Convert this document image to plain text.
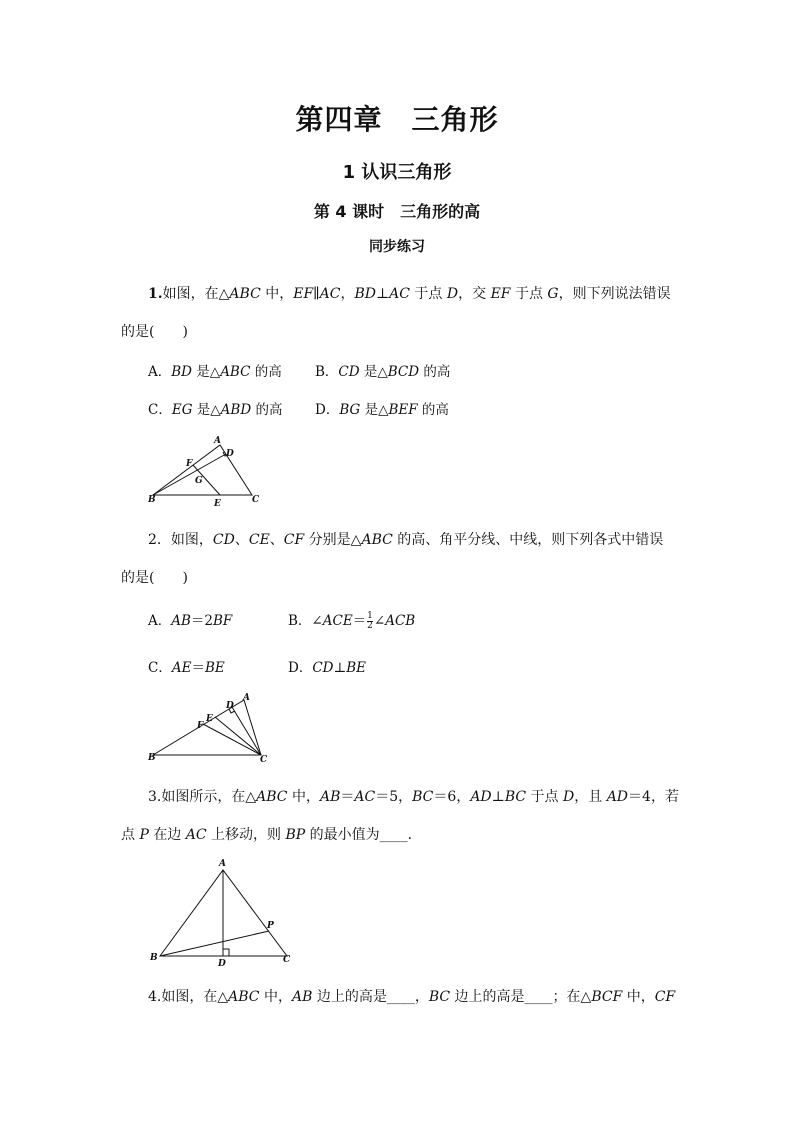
第四章　三角形
1 认识三角形
第 4 课时　三角形的高
同步练习
1.如图，在△ABC 中，EF∥AC，BD⊥AC 于点 D，交 EF 于点 G，则下列说法错误
的是(　　)
A．BD 是△ABC 的高 B．CD 是△BCD 的高
C．EG 是△ABD 的高 D．BG 是△BEF 的高
A
D
F
G
B	E	C
2．如图，CD、CE、CF 分别是△ABC 的高、角平分线、中线，则下列各式中错误
的是(　　)
A．AB＝2BF	B．∠ACE＝ $\frac{1}{2}$ ∠ACB
C．AE＝BE	D．CD⊥BE
A
D
E
F
B	C
3.如图所示，在△ABC 中，AB＝AC＝5，BC＝6，AD⊥BC 于点 D，且 AD＝4，若
点 P 在边 AC 上移动，则 BP 的最小值为____．
A
P
B
D	C
4.如图，在△ABC 中，AB 边上的高是____，BC 边上的高是____；在△BCF 中，CF
